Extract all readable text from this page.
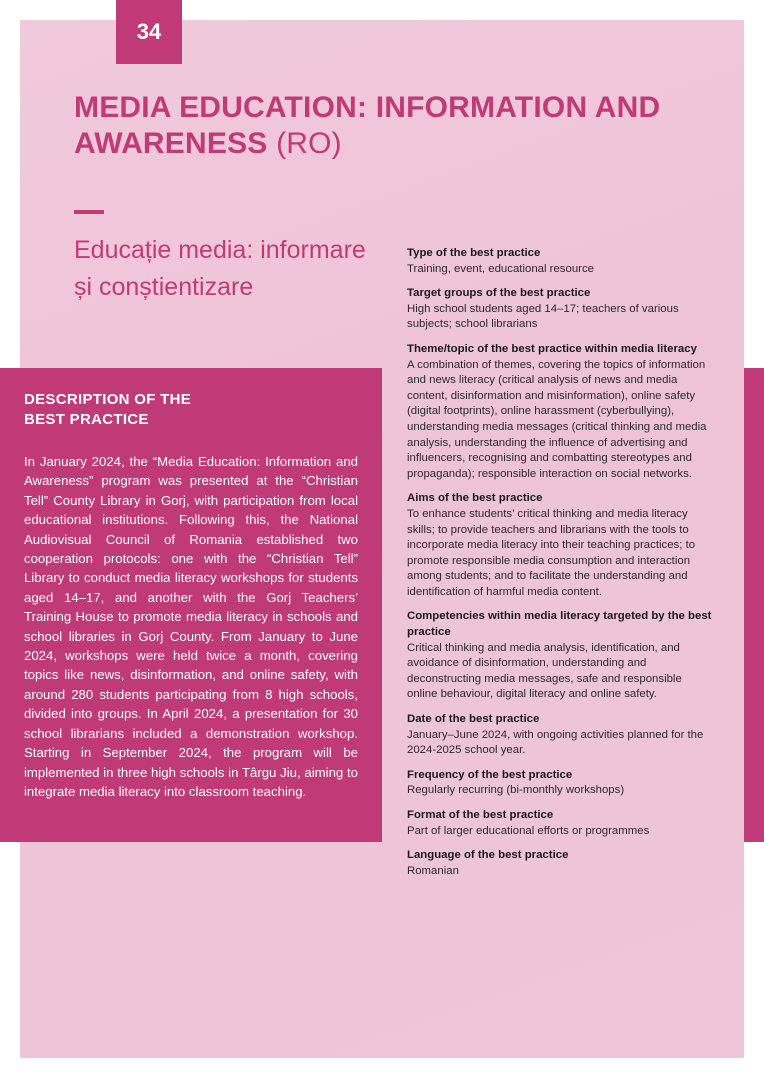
34
MEDIA EDUCATION: INFORMATION AND AWARENESS (RO)
Educație media: informare și conștientizare
DESCRIPTION OF THE BEST PRACTICE
In January 2024, the “Media Education: Information and Awareness” program was presented at the “Christian Tell” County Library in Gorj, with participation from local educational institutions. Following this, the National Audiovisual Council of Romania established two cooperation protocols: one with the “Christian Tell” Library to conduct media literacy workshops for students aged 14–17, and another with the Gorj Teachers’ Training House to promote media literacy in schools and school libraries in Gorj County. From January to June 2024, workshops were held twice a month, covering topics like news, disinformation, and online safety, with around 280 students participating from 8 high schools, divided into groups. In April 2024, a presentation for 30 school librarians included a demonstration workshop. Starting in September 2024, the program will be implemented in three high schools in Târgu Jiu, aiming to integrate media literacy into classroom teaching.
Type of the best practice
Training, event, educational resource
Target groups of the best practice
High school students aged 14–17; teachers of various subjects; school librarians
Theme/topic of the best practice within media literacy
A combination of themes, covering the topics of information and news literacy (critical analysis of news and media content, disinformation and misinformation), online safety (digital footprints), online harassment (cyberbullying), understanding media messages (critical thinking and media analysis, understanding the influence of advertising and influencers, recognising and combatting stereotypes and propaganda); responsible interaction on social networks.
Aims of the best practice
To enhance students’ critical thinking and media literacy skills; to provide teachers and librarians with the tools to incorporate media literacy into their teaching practices; to promote responsible media consumption and interaction among students; and to facilitate the understanding and identification of harmful media content.
Competencies within media literacy targeted by the best practice
Critical thinking and media analysis, identification, and avoidance of disinformation, understanding and deconstructing media messages, safe and responsible online behaviour, digital literacy and online safety.
Date of the best practice
January–June 2024, with ongoing activities planned for the 2024-2025 school year.
Frequency of the best practice
Regularly recurring (bi-monthly workshops)
Format of the best practice
Part of larger educational efforts or programmes
Language of the best practice
Romanian
